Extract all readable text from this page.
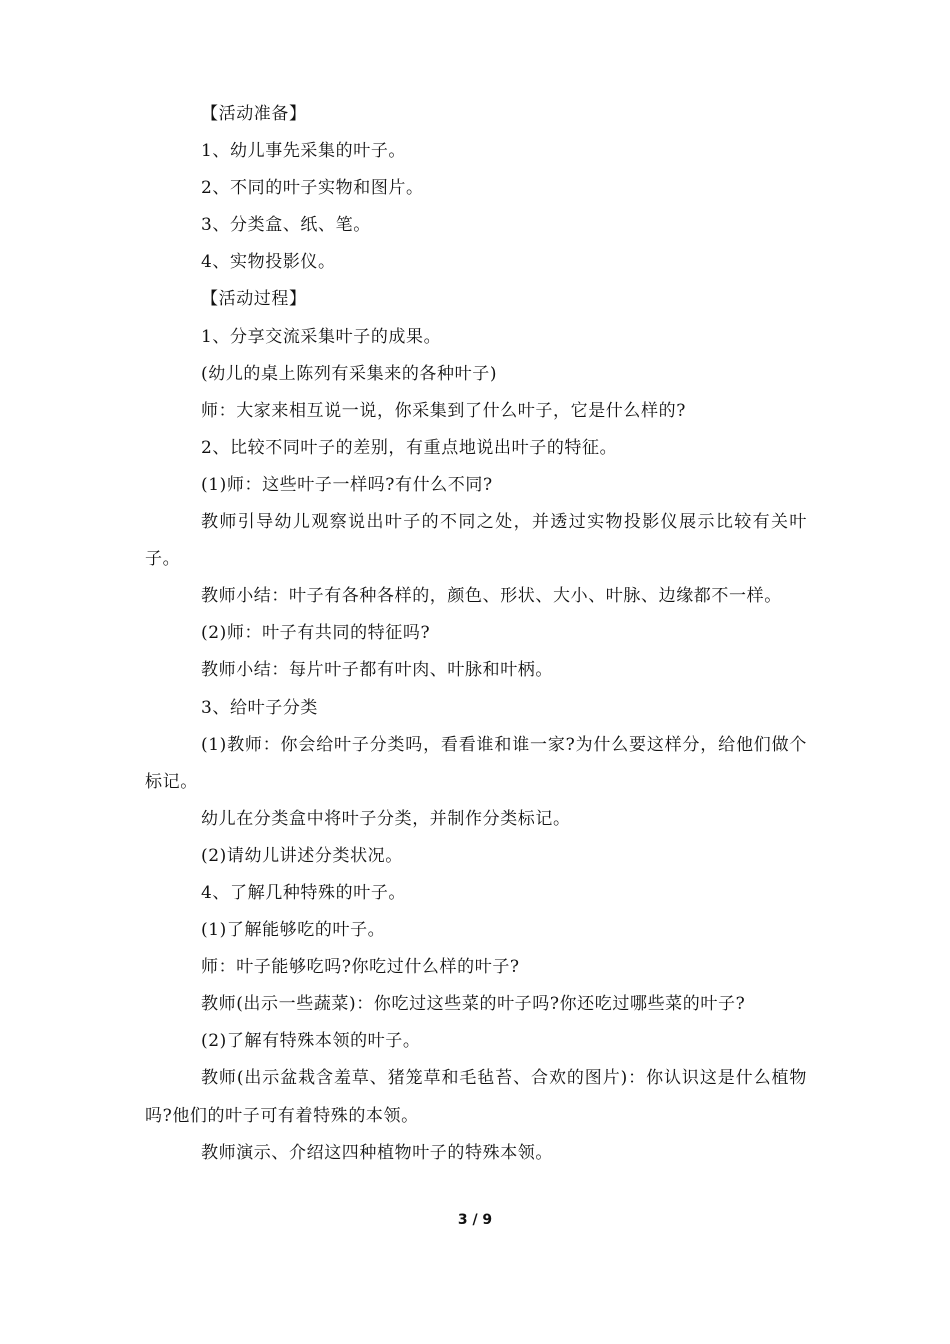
【活动准备】

1、幼儿事先采集的叶子。

2、不同的叶子实物和图片。

3、分类盒、纸、笔。

4、实物投影仪。

【活动过程】

1、分享交流采集叶子的成果。

(幼儿的桌上陈列有采集来的各种叶子)

师：大家来相互说一说，你采集到了什么叶子，它是什么样的?

2、比较不同叶子的差别，有重点地说出叶子的特征。

(1)师：这些叶子一样吗?有什么不同?

教师引导幼儿观察说出叶子的不同之处，并透过实物投影仪展示比较有关叶子。

教师小结：叶子有各种各样的，颜色、形状、大小、叶脉、边缘都不一样。

(2)师：叶子有共同的特征吗?

教师小结：每片叶子都有叶肉、叶脉和叶柄。

3、给叶子分类

(1)教师：你会给叶子分类吗，看看谁和谁一家?为什么要这样分，给他们做个标记。

幼儿在分类盒中将叶子分类，并制作分类标记。

(2)请幼儿讲述分类状况。

4、了解几种特殊的叶子。

(1)了解能够吃的叶子。

师：叶子能够吃吗?你吃过什么样的叶子?

教师(出示一些蔬菜)：你吃过这些菜的叶子吗?你还吃过哪些菜的叶子?

(2)了解有特殊本领的叶子。

教师(出示盆栽含羞草、猪笼草和毛毡苔、合欢的图片)：你认识这是什么植物吗?他们的叶子可有着特殊的本领。

教师演示、介绍这四种植物叶子的特殊本领。

3 / 9
